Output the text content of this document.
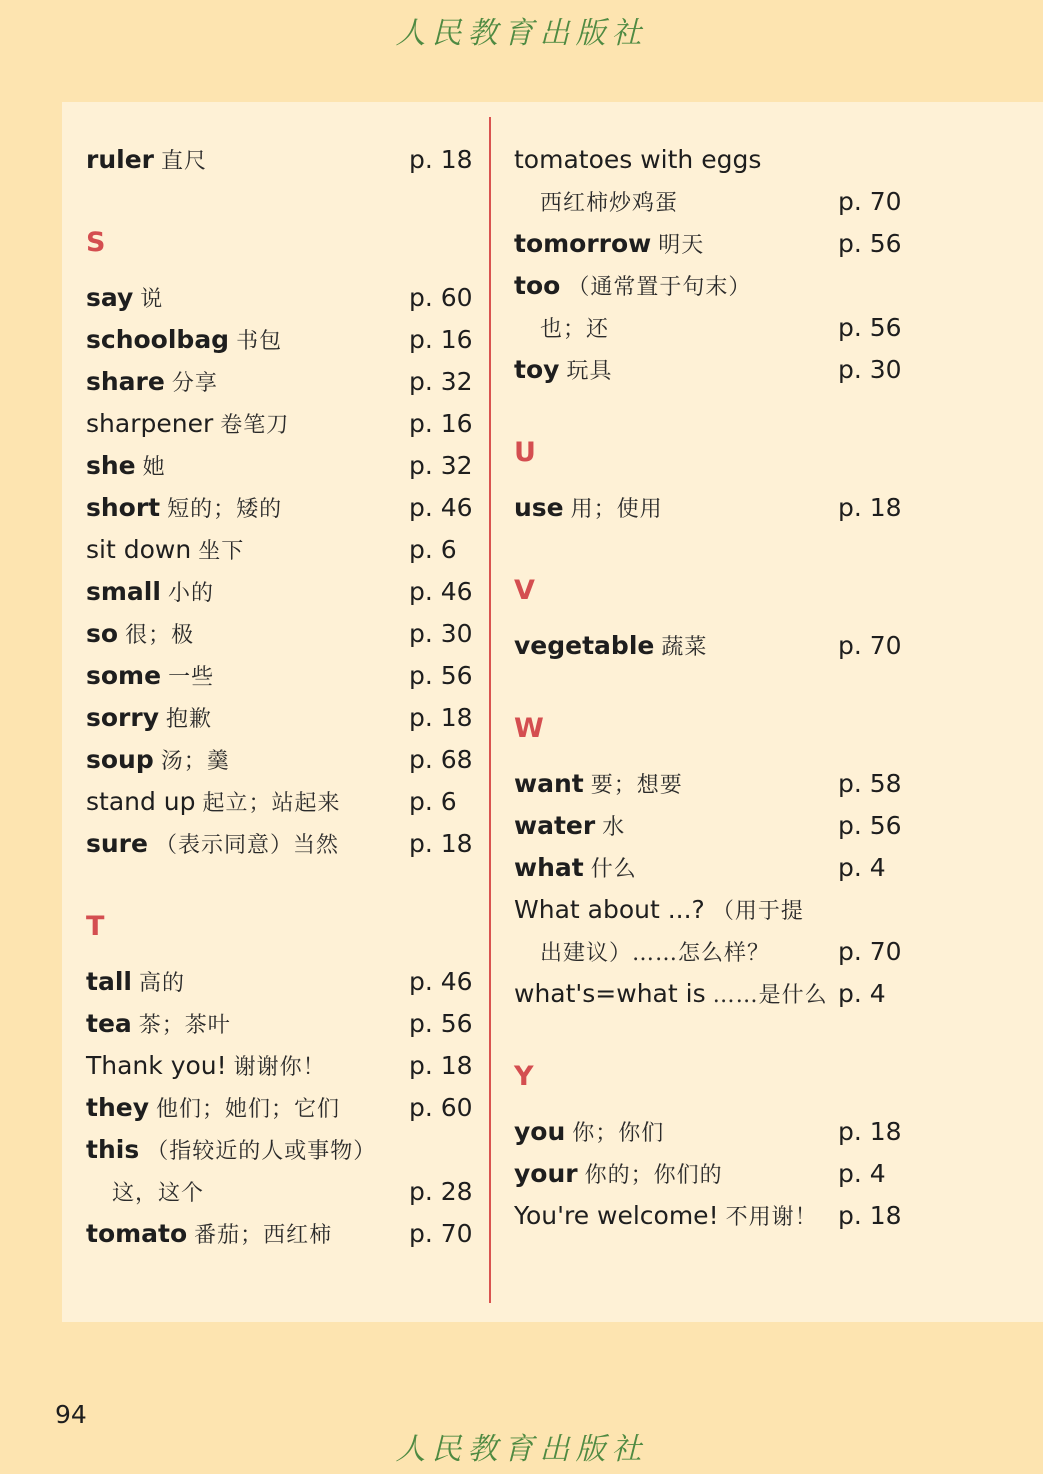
人民教育出版社
ruler 直尺	p. 18
S
say 说	p. 60
schoolbag 书包	p. 16
share 分享	p. 32
sharpener 卷笔刀	p. 16
she 她	p. 32
short 短的；矮的	p. 46
sit down 坐下	p. 6
small 小的	p. 46
so 很；极	p. 30
some 一些	p. 56
sorry 抱歉	p. 18
soup 汤；羹	p. 68
stand up 起立；站起来	p. 6
sure （表示同意）当然	p. 18
T
tall 高的	p. 46
tea 茶；茶叶	p. 56
Thank you! 谢谢你！	p. 18
they 他们；她们；它们	p. 60
this （指较近的人或事物）
这，这个	p. 28
tomato 番茄；西红柿	p. 70
tomatoes with eggs
西红柿炒鸡蛋	p. 70
tomorrow 明天	p. 56
too （通常置于句末）
也；还	p. 56
toy 玩具	p. 30
U
use 用；使用	p. 18
V
vegetable 蔬菜	p. 70
W
want 要；想要	p. 58
water 水	p. 56
what 什么	p. 4
What about ...? （用于提
出建议）……怎么样？	p. 70
what's=what is ……是什么 p. 4
Y
you 你；你们	p. 18
your 你的；你们的	p. 4
You're welcome! 不用谢！ p. 18
94
人民教育出版社
